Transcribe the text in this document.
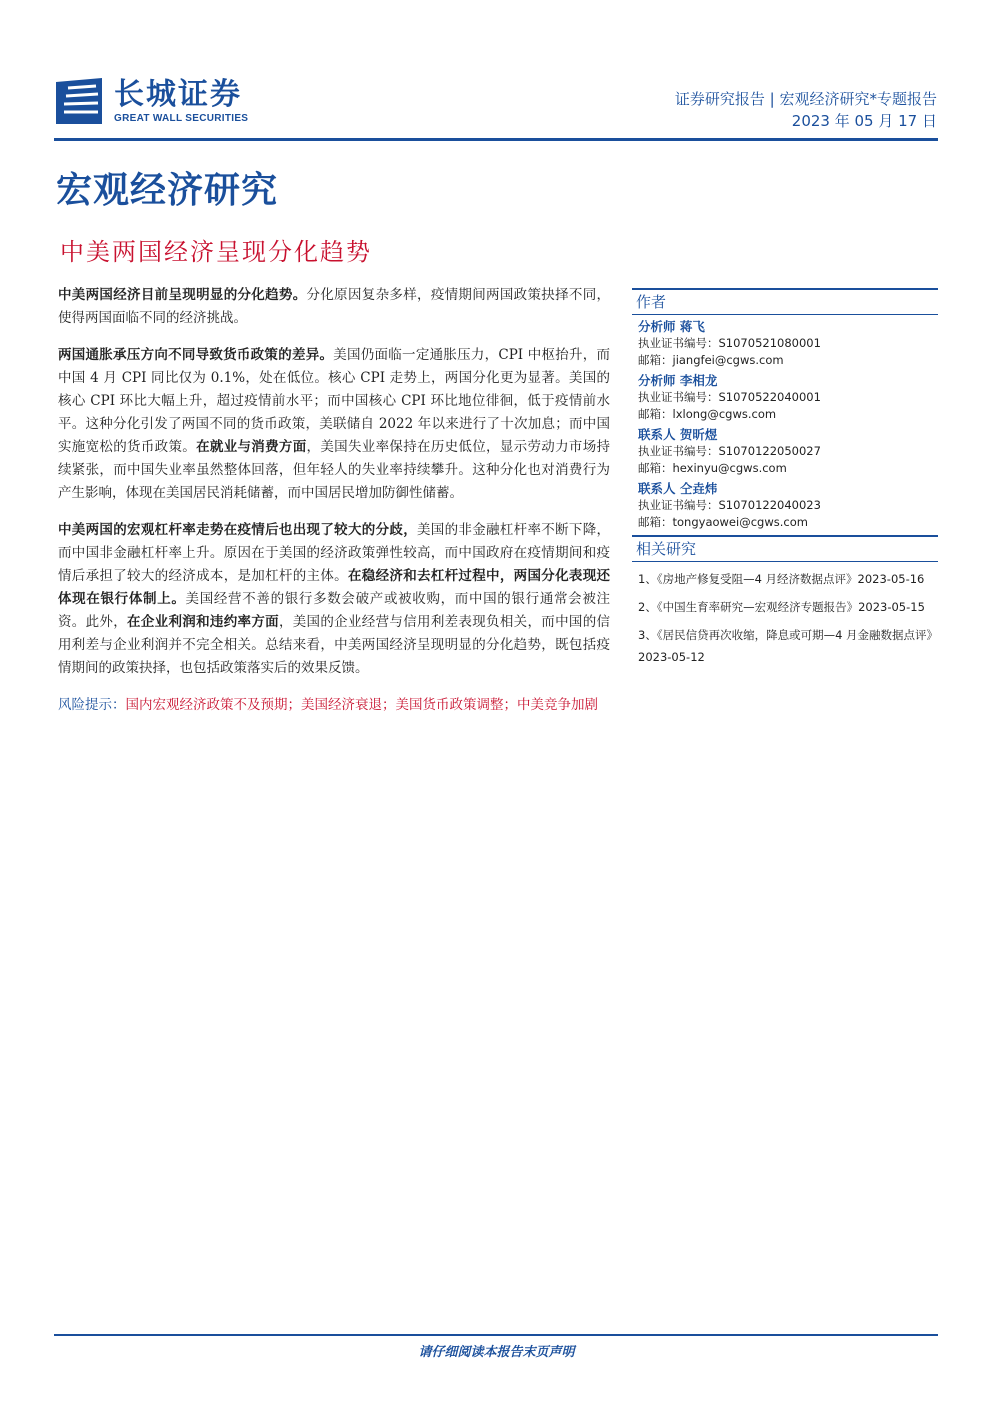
长城证券
GREAT WALL SECURITIES
证券研究报告 | 宏观经济研究*专题报告
2023 年 05 月 17 日
宏观经济研究
中美两国经济呈现分化趋势

中美两国经济目前呈现明显的分化趋势。分化原因复杂多样，疫情期间两国政策抉择不同，使得两国面临不同的经济挑战。

两国通胀承压方向不同导致货币政策的差异。美国仍面临一定通胀压力，CPI 中枢抬升，而中国 4 月 CPI 同比仅为 0.1%，处在低位。核心 CPI 走势上，两国分化更为显著。美国的核心 CPI 环比大幅上升，超过疫情前水平；而中国核心 CPI 环比地位徘徊，低于疫情前水平。这种分化引发了两国不同的货币政策，美联储自 2022 年以来进行了十次加息；而中国实施宽松的货币政策。在就业与消费方面，美国失业率保持在历史低位，显示劳动力市场持续紧张，而中国失业率虽然整体回落，但年轻人的失业率持续攀升。这种分化也对消费行为产生影响，体现在美国居民消耗储蓄，而中国居民增加防御性储蓄。

中美两国的宏观杠杆率走势在疫情后也出现了较大的分歧，美国的非金融杠杆率不断下降，而中国非金融杠杆率上升。原因在于美国的经济政策弹性较高，而中国政府在疫情期间和疫情后承担了较大的经济成本，是加杠杆的主体。在稳经济和去杠杆过程中，两国分化表现还体现在银行体制上。美国经营不善的银行多数会破产或被收购，而中国的银行通常会被注资。此外，在企业利润和违约率方面，美国的企业经营与信用利差表现负相关，而中国的信用利差与企业利润并不完全相关。总结来看，中美两国经济呈现明显的分化趋势，既包括疫情期间的政策抉择，也包括政策落实后的效果反馈。

风险提示：国内宏观经济政策不及预期；美国经济衰退；美国货币政策调整；中美竞争加剧

作者
分析师 蒋飞
执业证书编号：S1070521080001
邮箱：jiangfei@cgws.com
分析师 李相龙
执业证书编号：S1070522040001
邮箱：lxlong@cgws.com
联系人 贺昕煜
执业证书编号：S1070122050027
邮箱：hexinyu@cgws.com
联系人 仝垚炜
执业证书编号：S1070122040023
邮箱：tongyaowei@cgws.com
相关研究
1、《房地产修复受阻—4 月经济数据点评》2023-05-16
2、《中国生育率研究—宏观经济专题报告》2023-05-15
3、《居民信贷再次收缩，降息或可期—4 月金融数据点评》2023-05-12
请仔细阅读本报告末页声明
